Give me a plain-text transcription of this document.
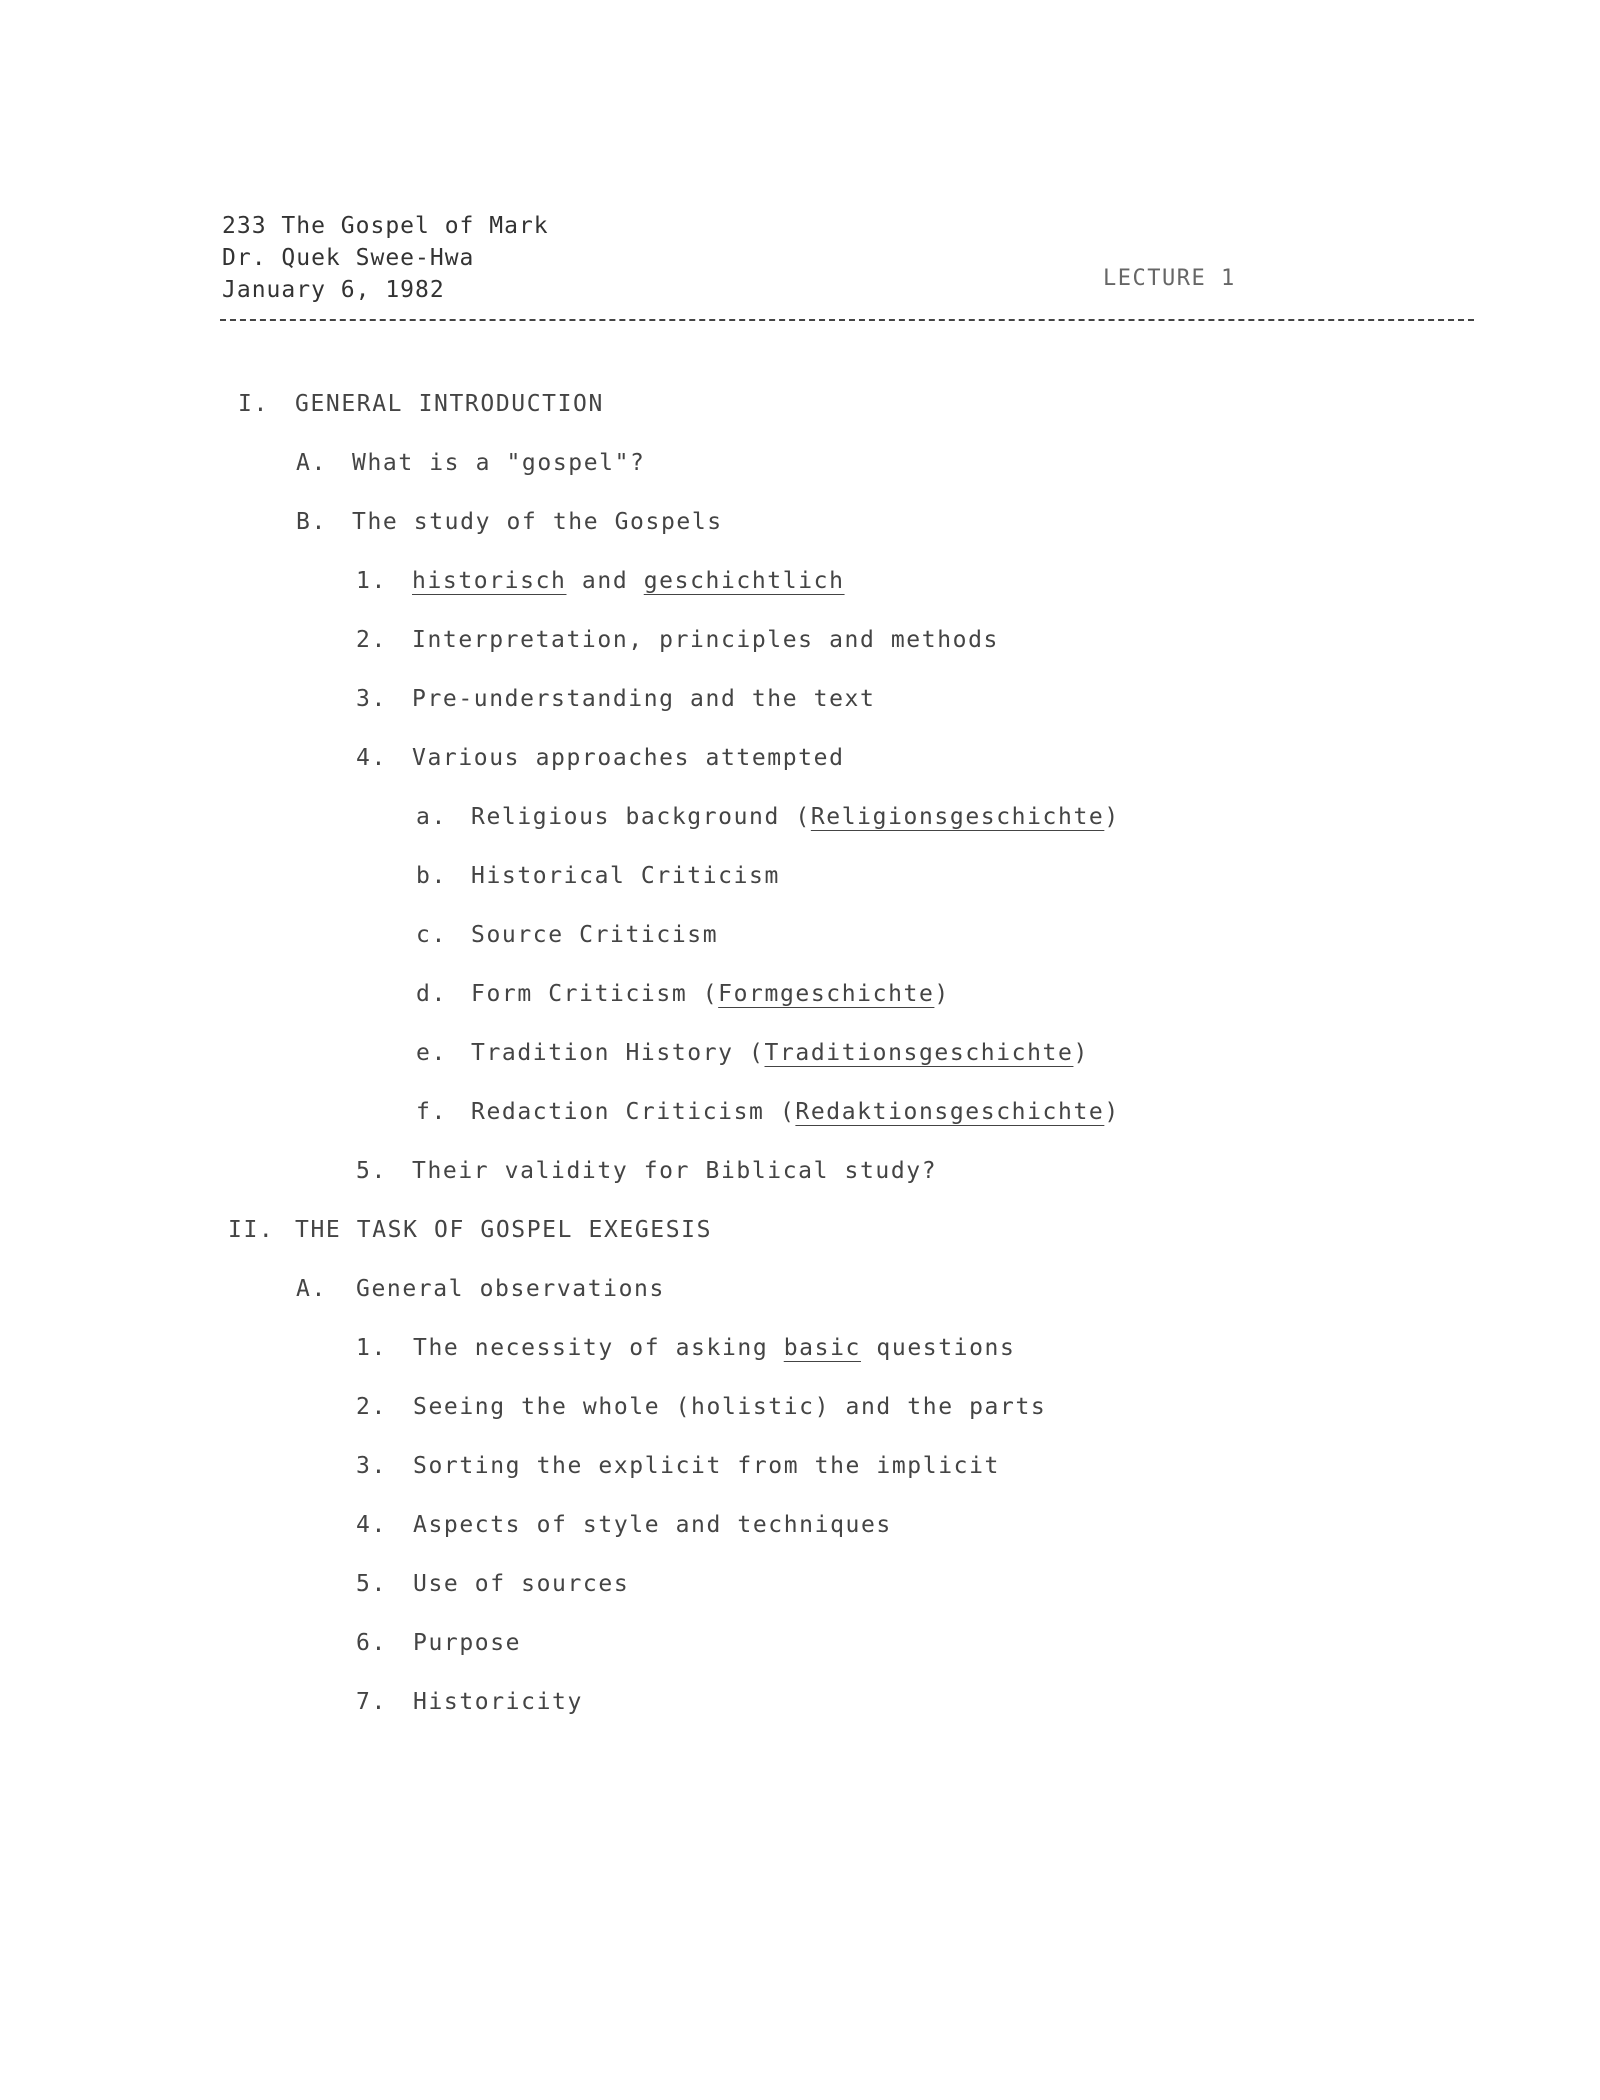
233 The Gospel of Mark
Dr. Quek Swee-Hwa
January 6, 1982	LECTURE 1
I. GENERAL INTRODUCTION
A. What is a "gospel"?
B. The study of the Gospels
1. historisch and geschichtlich
2. Interpretation, principles and methods
3. Pre-understanding and the text
4. Various approaches attempted
a. Religious background (Religionsgeschichte)
b. Historical Criticism
c. Source Criticism
d. Form Criticism (Formgeschichte)
e. Tradition History (Traditionsgeschichte)
f. Redaction Criticism (Redaktionsgeschichte)
5. Their validity for Biblical study?
II. THE TASK OF GOSPEL EXEGESIS
A. General observations
1. The necessity of asking basic questions
2. Seeing the whole (holistic) and the parts
3. Sorting the explicit from the implicit
4. Aspects of style and techniques
5. Use of sources
6. Purpose
7. Historicity
